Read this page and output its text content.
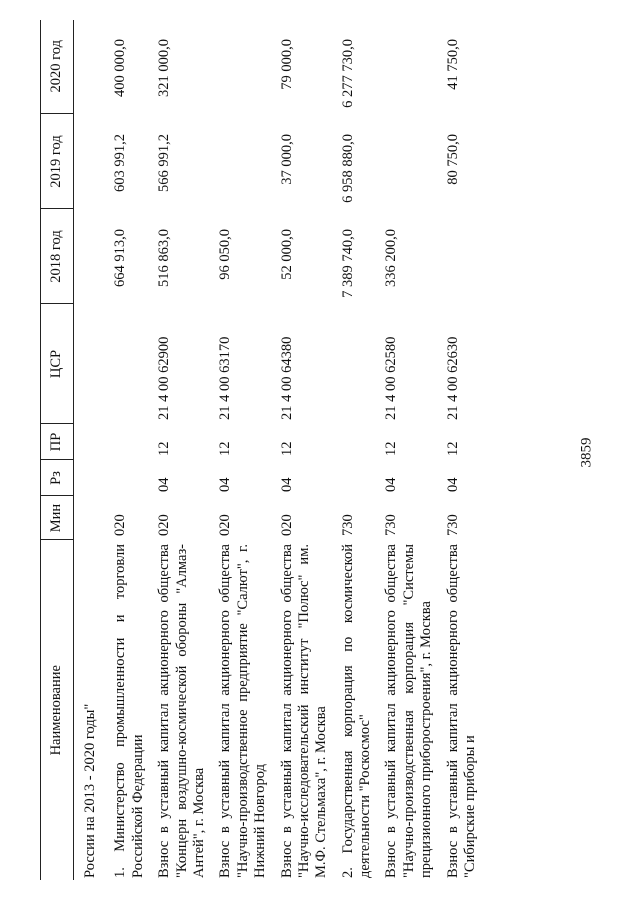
3859
Наименование	Мин	Рз	ПР	ЦСР	2018 год	2019 год	2020 год
России на 2013 - 2020 годы"							
1. Министерство промышленности и торговли Российской Федерации	020				664 913,0	603 991,2	400 000,0
Взнос в уставный капитал акционерного общества "Концерн воздушно-космической обороны "Алмаз-Антей", г. Москва	020	04	12	21 4 00 62900	516 863,0	566 991,2	321 000,0
Взнос в уставный капитал акционерного общества "Научно-производственное предприятие "Салют", г. Нижний Новгород	020	04	12	21 4 00 63170	96 050,0		
Взнос в уставный капитал акционерного общества "Научно-исследовательский институт "Полюс" им. М.Ф. Стельмаха", г. Москва	020	04	12	21 4 00 64380	52 000,0	37 000,0	79 000,0
2. Государственная корпорация по космической деятельности "Роскосмос"	730				7 389 740,0	6 958 880,0	6 277 730,0
Взнос в уставный капитал акционерного общества "Научно-производственная корпорация "Системы прецизионного приборостроения", г. Москва	730	04	12	21 4 00 62580	336 200,0		
Взнос в уставный капитал акционерного общества "Сибирские приборы и	730	04	12	21 4 00 62630		80 750,0	41 750,0
